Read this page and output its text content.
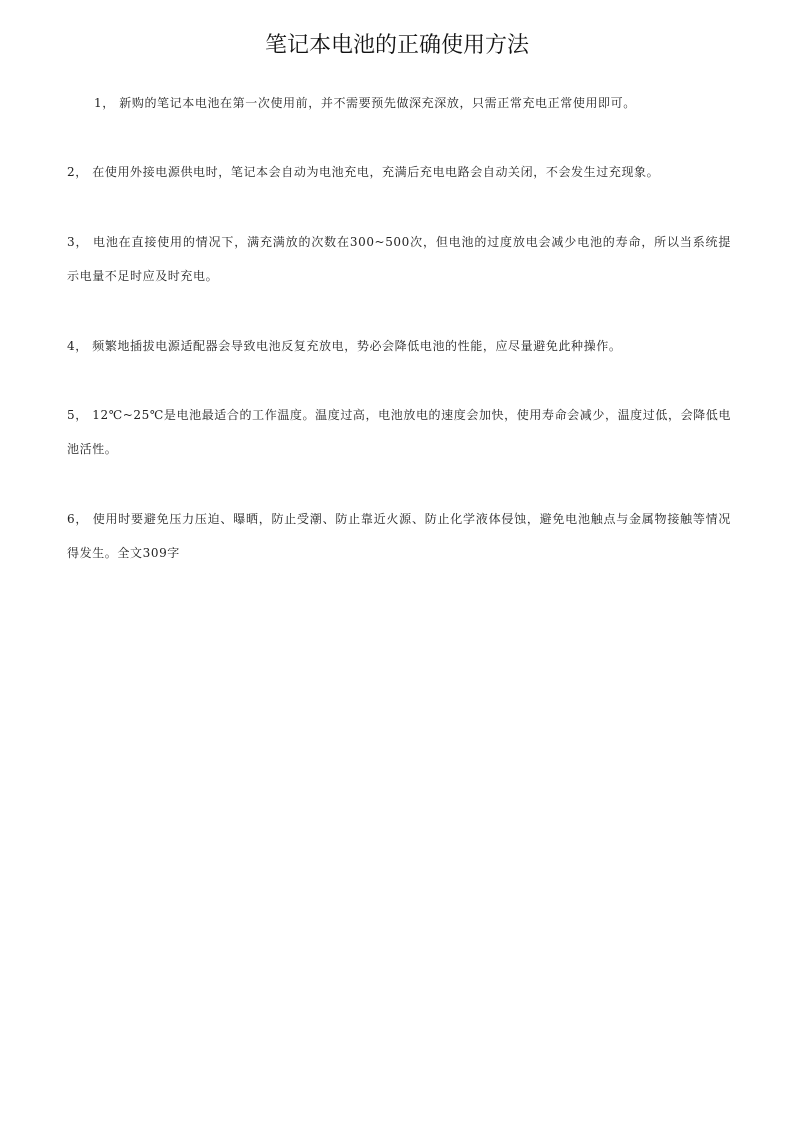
笔记本电池的正确使用方法

1， 新购的笔记本电池在第一次使用前，并不需要预先做深充深放，只需正常充电正常使用即可。

2， 在使用外接电源供电时，笔记本会自动为电池充电，充满后充电电路会自动关闭，不会发生过充现象。

3， 电池在直接使用的情况下，满充满放的次数在300~500次，但电池的过度放电会减少电池的寿命，所以当系统提示电量不足时应及时充电。

4， 频繁地插拔电源适配器会导致电池反复充放电，势必会降低电池的性能，应尽量避免此种操作。

5， 12℃~25℃是电池最适合的工作温度。温度过高，电池放电的速度会加快，使用寿命会减少，温度过低，会降低电池活性。

6， 使用时要避免压力压迫、曝晒，防止受潮、防止靠近火源、防止化学液体侵蚀，避免电池触点与金属物接触等情况得发生。全文309字
